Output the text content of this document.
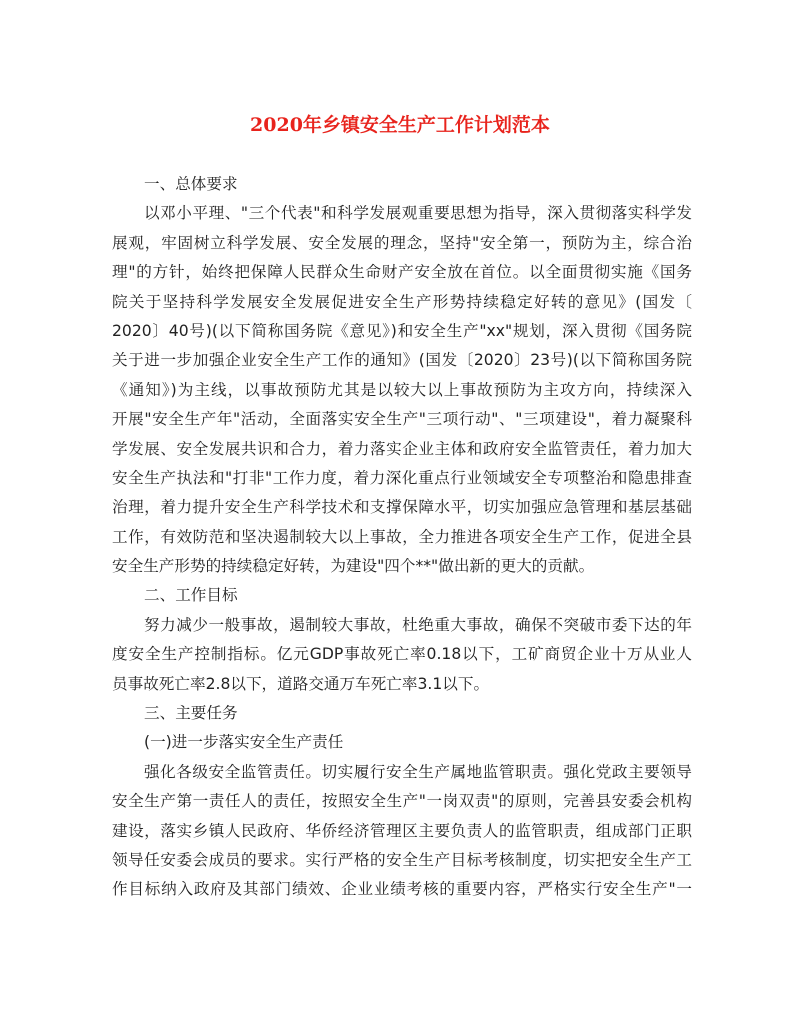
2020年乡镇安全生产工作计划范本
一、总体要求
以邓小平理、"三个代表"和科学发展观重要思想为指导，深入贯彻落实科学发
展观，牢固树立科学发展、安全发展的理念，坚持"安全第一，预防为主，综合治
理"的方针，始终把保障人民群众生命财产安全放在首位。以全面贯彻实施《国务
院关于坚持科学发展安全发展促进安全生产形势持续稳定好转的意见》(国发〔
2020〕40号)(以下简称国务院《意见》)和安全生产"xx"规划，深入贯彻《国务院
关于进一步加强企业安全生产工作的通知》(国发〔2020〕23号)(以下简称国务院
《通知》)为主线，以事故预防尤其是以较大以上事故预防为主攻方向，持续深入
开展"安全生产年"活动，全面落实安全生产"三项行动"、"三项建设"，着力凝聚科
学发展、安全发展共识和合力，着力落实企业主体和政府安全监管责任，着力加大
安全生产执法和"打非"工作力度，着力深化重点行业领域安全专项整治和隐患排查
治理，着力提升安全生产科学技术和支撑保障水平，切实加强应急管理和基层基础
工作，有效防范和坚决遏制较大以上事故，全力推进各项安全生产工作，促进全县
安全生产形势的持续稳定好转，为建设"四个**"做出新的更大的贡献。
二、工作目标
努力减少一般事故，遏制较大事故，杜绝重大事故，确保不突破市委下达的年
度安全生产控制指标。亿元GDP事故死亡率0.18以下，工矿商贸企业十万从业人
员事故死亡率2.8以下，道路交通万车死亡率3.1以下。
三、主要任务
(一)进一步落实安全生产责任
强化各级安全监管责任。切实履行安全生产属地监管职责。强化党政主要领导
安全生产第一责任人的责任，按照安全生产"一岗双责"的原则，完善县安委会机构
建设，落实乡镇人民政府、华侨经济管理区主要负责人的监管职责，组成部门正职
领导任安委会成员的要求。实行严格的安全生产目标考核制度，切实把安全生产工
作目标纳入政府及其部门绩效、企业业绩考核的重要内容，严格实行安全生产"一
